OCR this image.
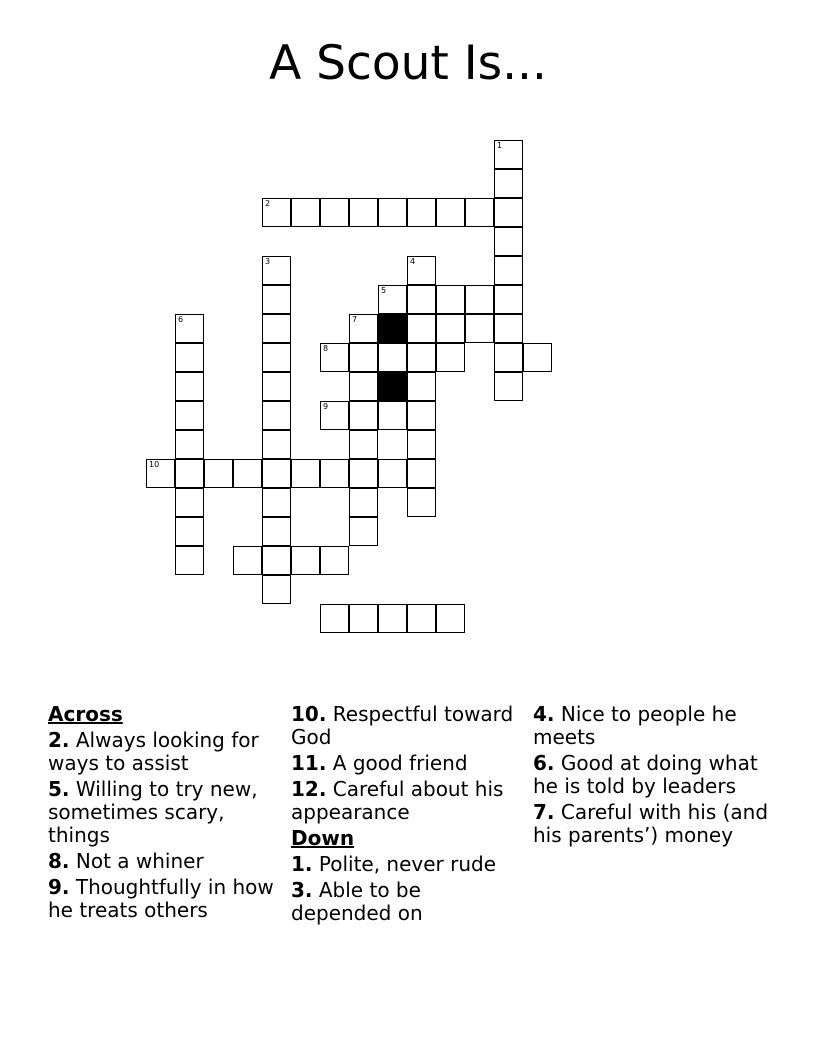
A Scout Is...
1
2
3	4
5
6	7
8
9
10
Across
2. Always looking for ways to assist
5. Willing to try new, sometimes scary, things
8. Not a whiner
9. Thoughtfully in how he treats others
10. Respectful toward God
11. A good friend
12. Careful about his appearance
Down
1. Polite, never rude
3. Able to be depended on
4. Nice to people he meets
6. Good at doing what he is told by leaders
7. Careful with his (and his parents’) money
